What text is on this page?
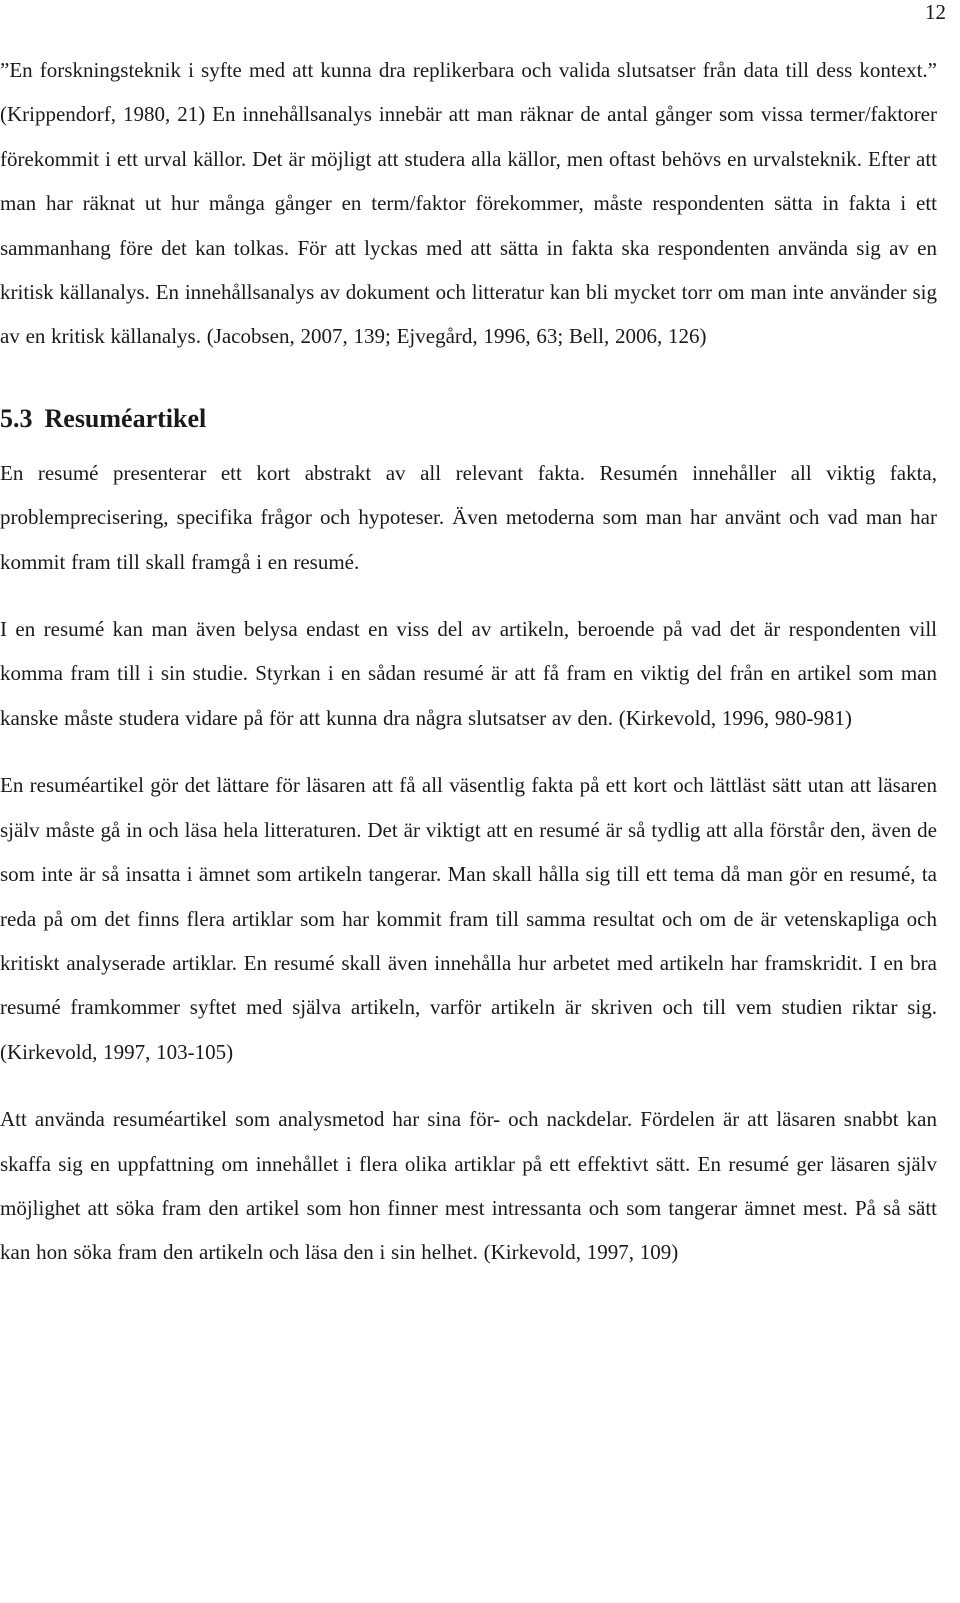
12

”En forskningsteknik i syfte med att kunna dra replikerbara och valida slutsatser från data till dess kontext.” (Krippendorf, 1980, 21) En innehållsanalys innebär att man räknar de antal gånger som vissa termer/faktorer förekommit i ett urval källor. Det är möjligt att studera alla källor, men oftast behövs en urvalsteknik. Efter att man har räknat ut hur många gånger en term/faktor förekommer, måste respondenten sätta in fakta i ett sammanhang före det kan tolkas. För att lyckas med att sätta in fakta ska respondenten använda sig av en kritisk källanalys. En innehållsanalys av dokument och litteratur kan bli mycket torr om man inte använder sig av en kritisk källanalys. (Jacobsen, 2007, 139; Ejvegård, 1996, 63; Bell, 2006, 126)

5.3 Resuméartikel

En resumé presenterar ett kort abstrakt av all relevant fakta. Resumén innehåller all viktig fakta, problemprecisering, specifika frågor och hypoteser. Även metoderna som man har använt och vad man har kommit fram till skall framgå i en resumé.

I en resumé kan man även belysa endast en viss del av artikeln, beroende på vad det är respondenten vill komma fram till i sin studie. Styrkan i en sådan resumé är att få fram en viktig del från en artikel som man kanske måste studera vidare på för att kunna dra några slutsatser av den. (Kirkevold, 1996, 980-981)

En resuméartikel gör det lättare för läsaren att få all väsentlig fakta på ett kort och lättläst sätt utan att läsaren själv måste gå in och läsa hela litteraturen. Det är viktigt att en resumé är så tydlig att alla förstår den, även de som inte är så insatta i ämnet som artikeln tangerar. Man skall hålla sig till ett tema då man gör en resumé, ta reda på om det finns flera artiklar som har kommit fram till samma resultat och om de är vetenskapliga och kritiskt analyserade artiklar. En resumé skall även innehålla hur arbetet med artikeln har framskridit. I en bra resumé framkommer syftet med själva artikeln, varför artikeln är skriven och till vem studien riktar sig. (Kirkevold, 1997, 103-105)

Att använda resuméartikel som analysmetod har sina för- och nackdelar. Fördelen är att läsaren snabbt kan skaffa sig en uppfattning om innehållet i flera olika artiklar på ett effektivt sätt. En resumé ger läsaren själv möjlighet att söka fram den artikel som hon finner mest intressanta och som tangerar ämnet mest. På så sätt kan hon söka fram den artikeln och läsa den i sin helhet. (Kirkevold, 1997, 109)
